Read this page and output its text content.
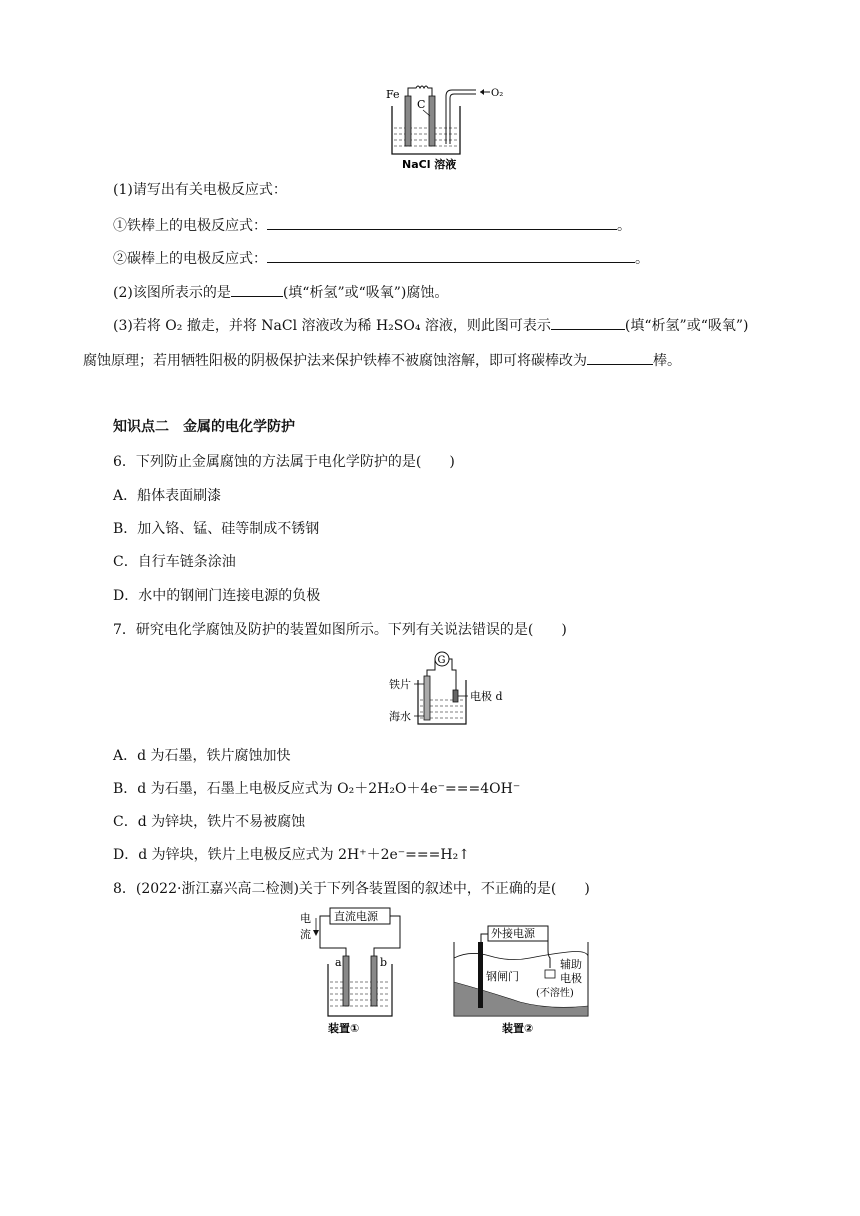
Fe
C
O₂
NaCl 溶液
(1)请写出有关电极反应式：
①铁棒上的电极反应式：	。
②碳棒上的电极反应式：	。
(2)该图所表示的是	(填“析氢”或“吸氧”)腐蚀。
(3)若将 O₂ 撤走，并将 NaCl 溶液改为稀 H₂SO₄ 溶液，则此图可表示	(填“析氢”或“吸氧”)
腐蚀原理；若用牺牲阳极的阴极保护法来保护铁棒不被腐蚀溶解，即可将碳棒改为	棒。
知识点二　金属的电化学防护
6．下列防止金属腐蚀的方法属于电化学防护的是(　　)
A．船体表面刷漆
B．加入铬、锰、硅等制成不锈钢
C．自行车链条涂油
D．水中的钢闸门连接电源的负极
7．研究电化学腐蚀及防护的装置如图所示。下列有关说法错误的是(　　)
G
铁片
电极 d
海水
A．d 为石墨，铁片腐蚀加快
B．d 为石墨，石墨上电极反应式为 O₂＋2H₂O＋4e⁻===4OH⁻
C．d 为锌块，铁片不易被腐蚀
D．d 为锌块，铁片上电极反应式为 2H⁺＋2e⁻===H₂↑
8．(2022·浙江嘉兴高二检测)关于下列各装置图的叙述中，不正确的是(　　)
直流电源
电
流
a	b
装置①
外接电源
钢闸门
辅助
电极
(不溶性)
装置②
